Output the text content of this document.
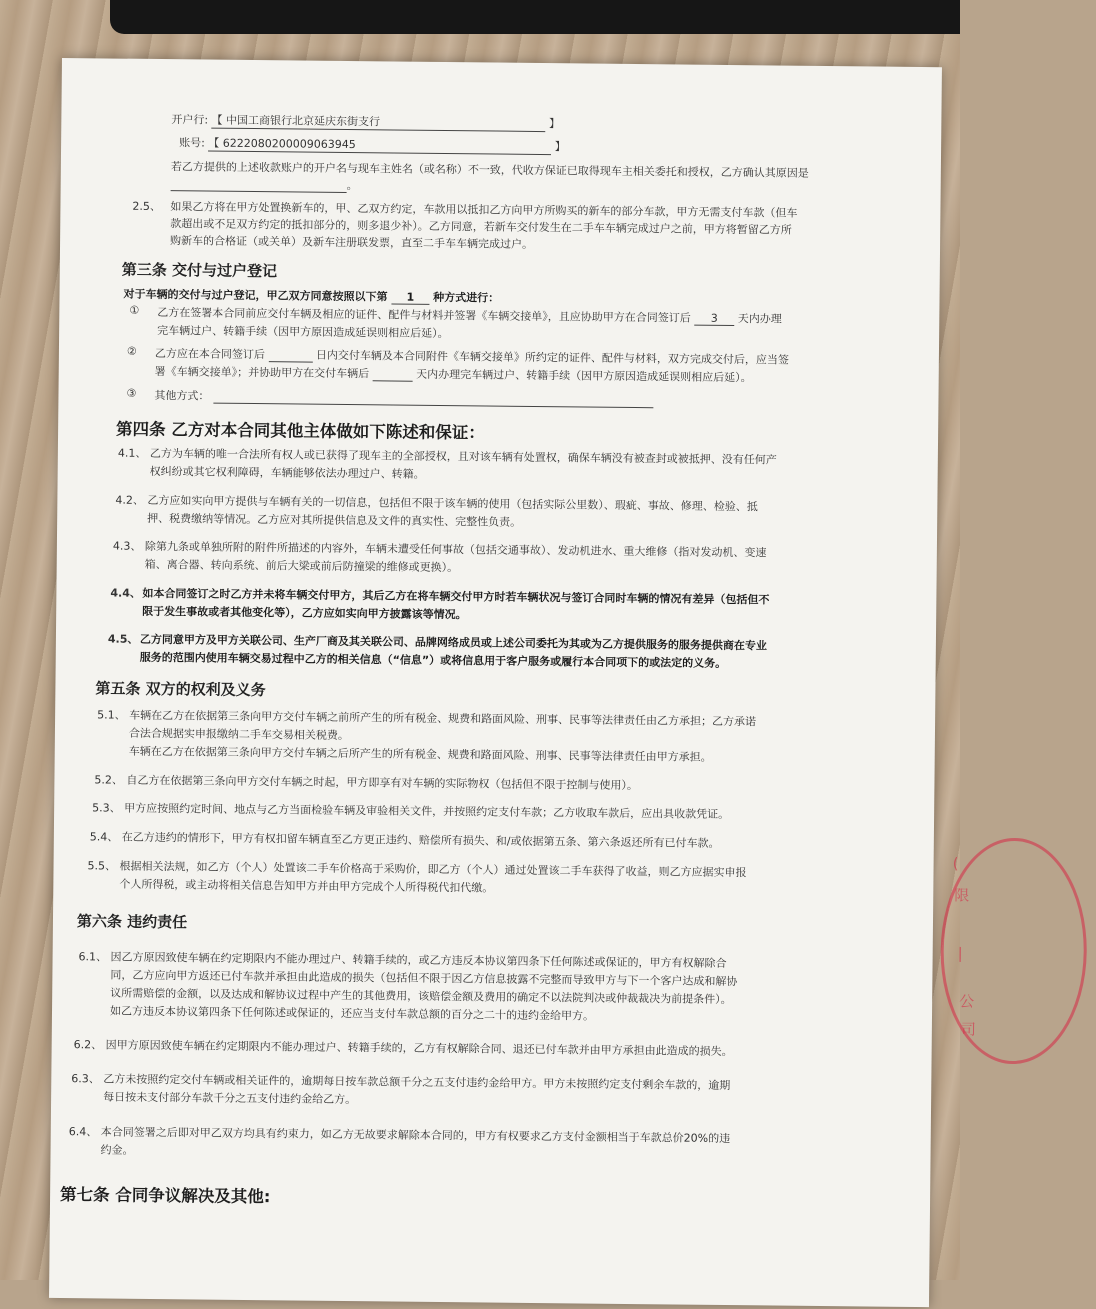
开户行: 【 中国工商银行北京延庆东街支行	】
账号: 【 6222080200009063945	】
若乙方提供的上述收款账户的开户名与现车主姓名（或名称）不一致，代收方保证已取得现车主相关委托和授权，乙方确认其原因是
。
2.5、 如果乙方将在甲方处置换新车的，甲、乙双方约定，车款用以抵扣乙方向甲方所购买的新车的部分车款，甲方无需支付车款（但车
款超出或不足双方约定的抵扣部分的，则多退少补）。乙方同意，若新车交付发生在二手车车辆完成过户之前，甲方将暂留乙方所
购新车的合格证（或关单）及新车注册联发票，直至二手车车辆完成过户。
第三条 交付与过户登记
对于车辆的交付与过户登记，甲乙双方同意按照以下第 1 种方式进行：
① 乙方在签署本合同前应交付车辆及相应的证件、配件与材料并签署《车辆交接单》，且应协助甲方在合同签订后 3 天内办理
完车辆过户、转籍手续（因甲方原因造成延误则相应后延）。
② 乙方应在本合同签订后	日内交付车辆及本合同附件《车辆交接单》所约定的证件、配件与材料，双方完成交付后，应当签
署《车辆交接单》；并协助甲方在交付车辆后	天内办理完车辆过户、转籍手续（因甲方原因造成延误则相应后延）。
③ 其他方式：
第四条 乙方对本合同其他主体做如下陈述和保证：
4.1、 乙方为车辆的唯一合法所有权人或已获得了现车主的全部授权，且对该车辆有处置权，确保车辆没有被查封或被抵押、没有任何产
权纠纷或其它权利障碍，车辆能够依法办理过户、转籍。
4.2、 乙方应如实向甲方提供与车辆有关的一切信息，包括但不限于该车辆的使用（包括实际公里数）、瑕疵、事故、修理、检验、抵
押、税费缴纳等情况。乙方应对其所提供信息及文件的真实性、完整性负责。
4.3、 除第九条或单独所附的附件所描述的内容外，车辆未遭受任何事故（包括交通事故）、发动机进水、重大维修（指对发动机、变速
箱、离合器、转向系统、前后大梁或前后防撞梁的维修或更换）。
4.4、 如本合同签订之时乙方并未将车辆交付甲方，其后乙方在将车辆交付甲方时若车辆状况与签订合同时车辆的情况有差异（包括但不
限于发生事故或者其他变化等），乙方应如实向甲方披露该等情况。
4.5、 乙方同意甲方及甲方关联公司、生产厂商及其关联公司、品牌网络成员或上述公司委托为其或为乙方提供服务的服务提供商在专业
服务的范围内使用车辆交易过程中乙方的相关信息（“信息”）或将信息用于客户服务或履行本合同项下的或法定的义务。
第五条 双方的权利及义务
5.1、 车辆在乙方在依据第三条向甲方交付车辆之前所产生的所有税金、规费和路面风险、刑事、民事等法律责任由乙方承担；乙方承诺
合法合规据实申报缴纳二手车交易相关税费。
车辆在乙方在依据第三条向甲方交付车辆之后所产生的所有税金、规费和路面风险、刑事、民事等法律责任由甲方承担。
5.2、 自乙方在依据第三条向甲方交付车辆之时起，甲方即享有对车辆的实际物权（包括但不限于控制与使用）。
5.3、 甲方应按照约定时间、地点与乙方当面检验车辆及审验相关文件，并按照约定支付车款；乙方收取车款后，应出具收款凭证。
5.4、 在乙方违约的情形下，甲方有权扣留车辆直至乙方更正违约、赔偿所有损失、和/或依据第五条、第六条返还所有已付车款。
5.5、 根据相关法规，如乙方（个人）处置该二手车价格高于采购价，即乙方（个人）通过处置该二手车获得了收益，则乙方应据实申报
个人所得税，或主动将相关信息告知甲方并由甲方完成个人所得税代扣代缴。
第六条 违约责任
6.1、 因乙方原因致使车辆在约定期限内不能办理过户、转籍手续的，或乙方违反本协议第四条下任何陈述或保证的，甲方有权解除合
同，乙方应向甲方返还已付车款并承担由此造成的损失（包括但不限于因乙方信息披露不完整而导致甲方与下一个客户达成和解协
议所需赔偿的金额，以及达成和解协议过程中产生的其他费用，该赔偿金额及费用的确定不以法院判决或仲裁裁决为前提条件）。
如乙方违反本协议第四条下任何陈述或保证的，还应当支付车款总额的百分之二十的违约金给甲方。
6.2、 因甲方原因致使车辆在约定期限内不能办理过户、转籍手续的，乙方有权解除合同、退还已付车款并由甲方承担由此造成的损失。
6.3、 乙方未按照约定交付车辆或相关证件的，逾期每日按车款总额千分之五支付违约金给甲方。甲方未按照约定支付剩余车款的，逾期
每日按未支付部分车款千分之五支付违约金给乙方。
6.4、 本合同签署之后即对甲乙双方均具有约束力，如乙方无故要求解除本合同的，甲方有权要求乙方支付金额相当于车款总价20%的违
约金。
第七条 合同争议解决及其他:
(
限
|
公
司
